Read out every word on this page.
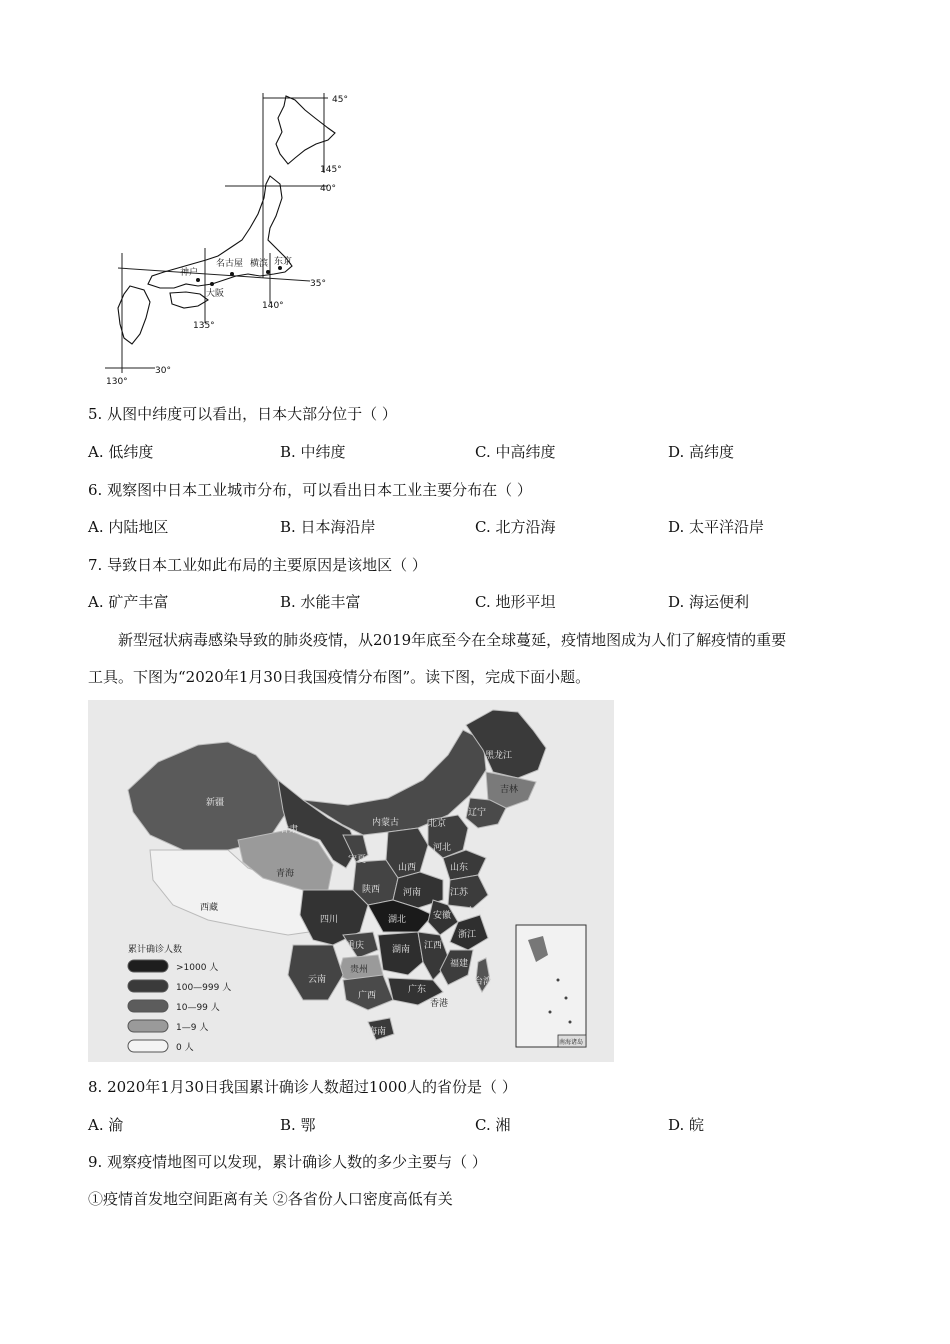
45°
145°
40°
35°
140°
135°
30°
130°
东京
横滨
名古屋
神户
大阪
5. 从图中纬度可以看出，日本大部分位于（ ）
A. 低纬度	B. 中纬度	C. 中高纬度	D. 高纬度
6. 观察图中日本工业城市分布，可以看出日本工业主要分布在（ ）
A. 内陆地区	B. 日本海沿岸	C. 北方沿海	D. 太平洋沿岸
7. 导致日本工业如此布局的主要原因是该地区（ ）
A. 矿产丰富	B. 水能丰富	C. 地形平坦	D. 海运便利
新型冠状病毒感染导致的肺炎疫情，从2019年底至今在全球蔓延，疫情地图成为人们了解疫情的重要
工具。下图为“2020年1月30日我国疫情分布图”。读下图，完成下面小题。
南海诸岛
黑龙江
吉林
辽宁
新疆
甘肃
内蒙古	北京
河北
青海
宁夏
山西	山东
西藏
陕西	河南	江苏
四川	湖北	安徽 上海
重庆	湖南 江西
浙江
贵州
福建
云南
广西
广东
台湾
香港
海南
累计确诊人数
>1000 人
100—999 人
10—99 人
1—9 人
0 人
8. 2020年1月30日我国累计确诊人数超过1000人的省份是（ ）
A. 渝	B. 鄂	C. 湘	D. 皖
9. 观察疫情地图可以发现，累计确诊人数的多少主要与（ ）
①疫情首发地空间距离有关 ②各省份人口密度高低有关
